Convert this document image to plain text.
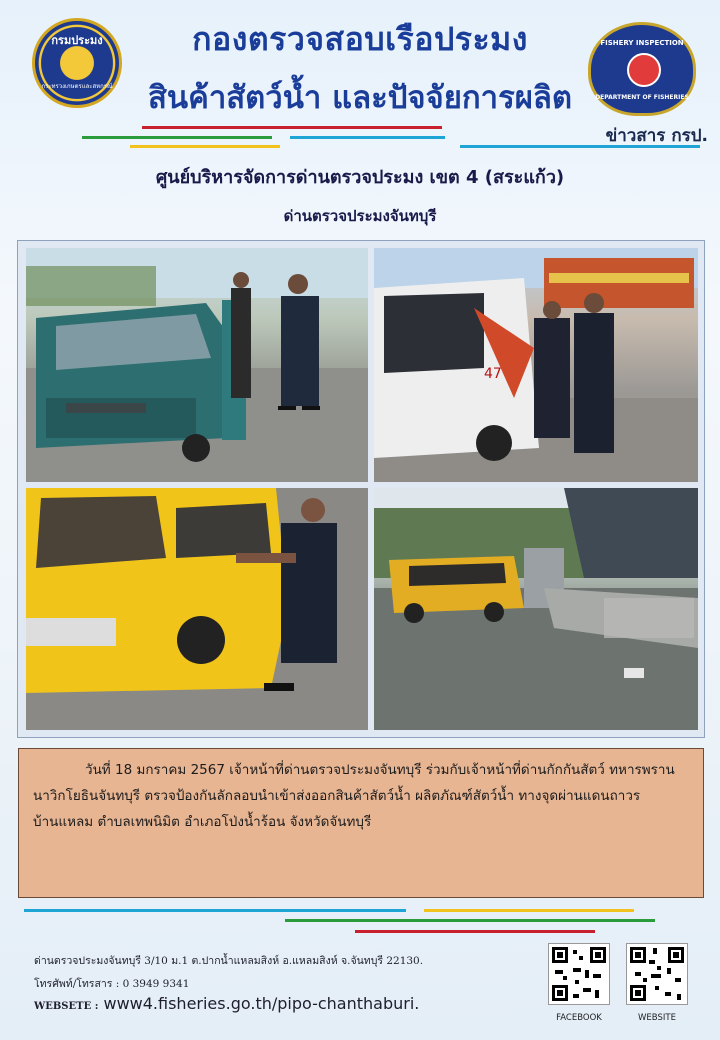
กรมประมง
กระทรวงเกษตรและสหกรณ์
กองตรวจสอบเรือประมง
สินค้าสัตว์น้ำ และปัจจัยการผลิต
FISHERY INSPECTION
DEPARTMENT OF FISHERIES
ข่าวสาร กรป.
ศูนย์บริหารจัดการด่านตรวจประมง เขต 4 (สระแก้ว)
ด่านตรวจประมงจันทบุรี
47
วันที่ 18 มกราคม 2567 เจ้าหน้าที่ด่านตรวจประมงจันทบุรี ร่วมกับเจ้าหน้าที่ด่านกักกันสัตว์ ทหารพรานนาวิกโยธินจันทบุรี ตรวจป้องกันลักลอบนำเข้าส่งออกสินค้าสัตว์น้ำ ผลิตภัณฑ์สัตว์น้ำ ทางจุดผ่านแดนถาวรบ้านแหลม ตำบลเทพนิมิต อำเภอโป่งน้ำร้อน จังหวัดจันทบุรี
ด่านตรวจประมงจันทบุรี 3/10 ม.1 ต.ปากน้ำแหลมสิงห์ อ.แหลมสิงห์ จ.จันทบุรี 22130.
โทรศัพท์/โทรสาร : 0 3949 9341
WEBSETE : www4.fisheries.go.th/pipo-chanthaburi.
FACEBOOK	WEBSITE
